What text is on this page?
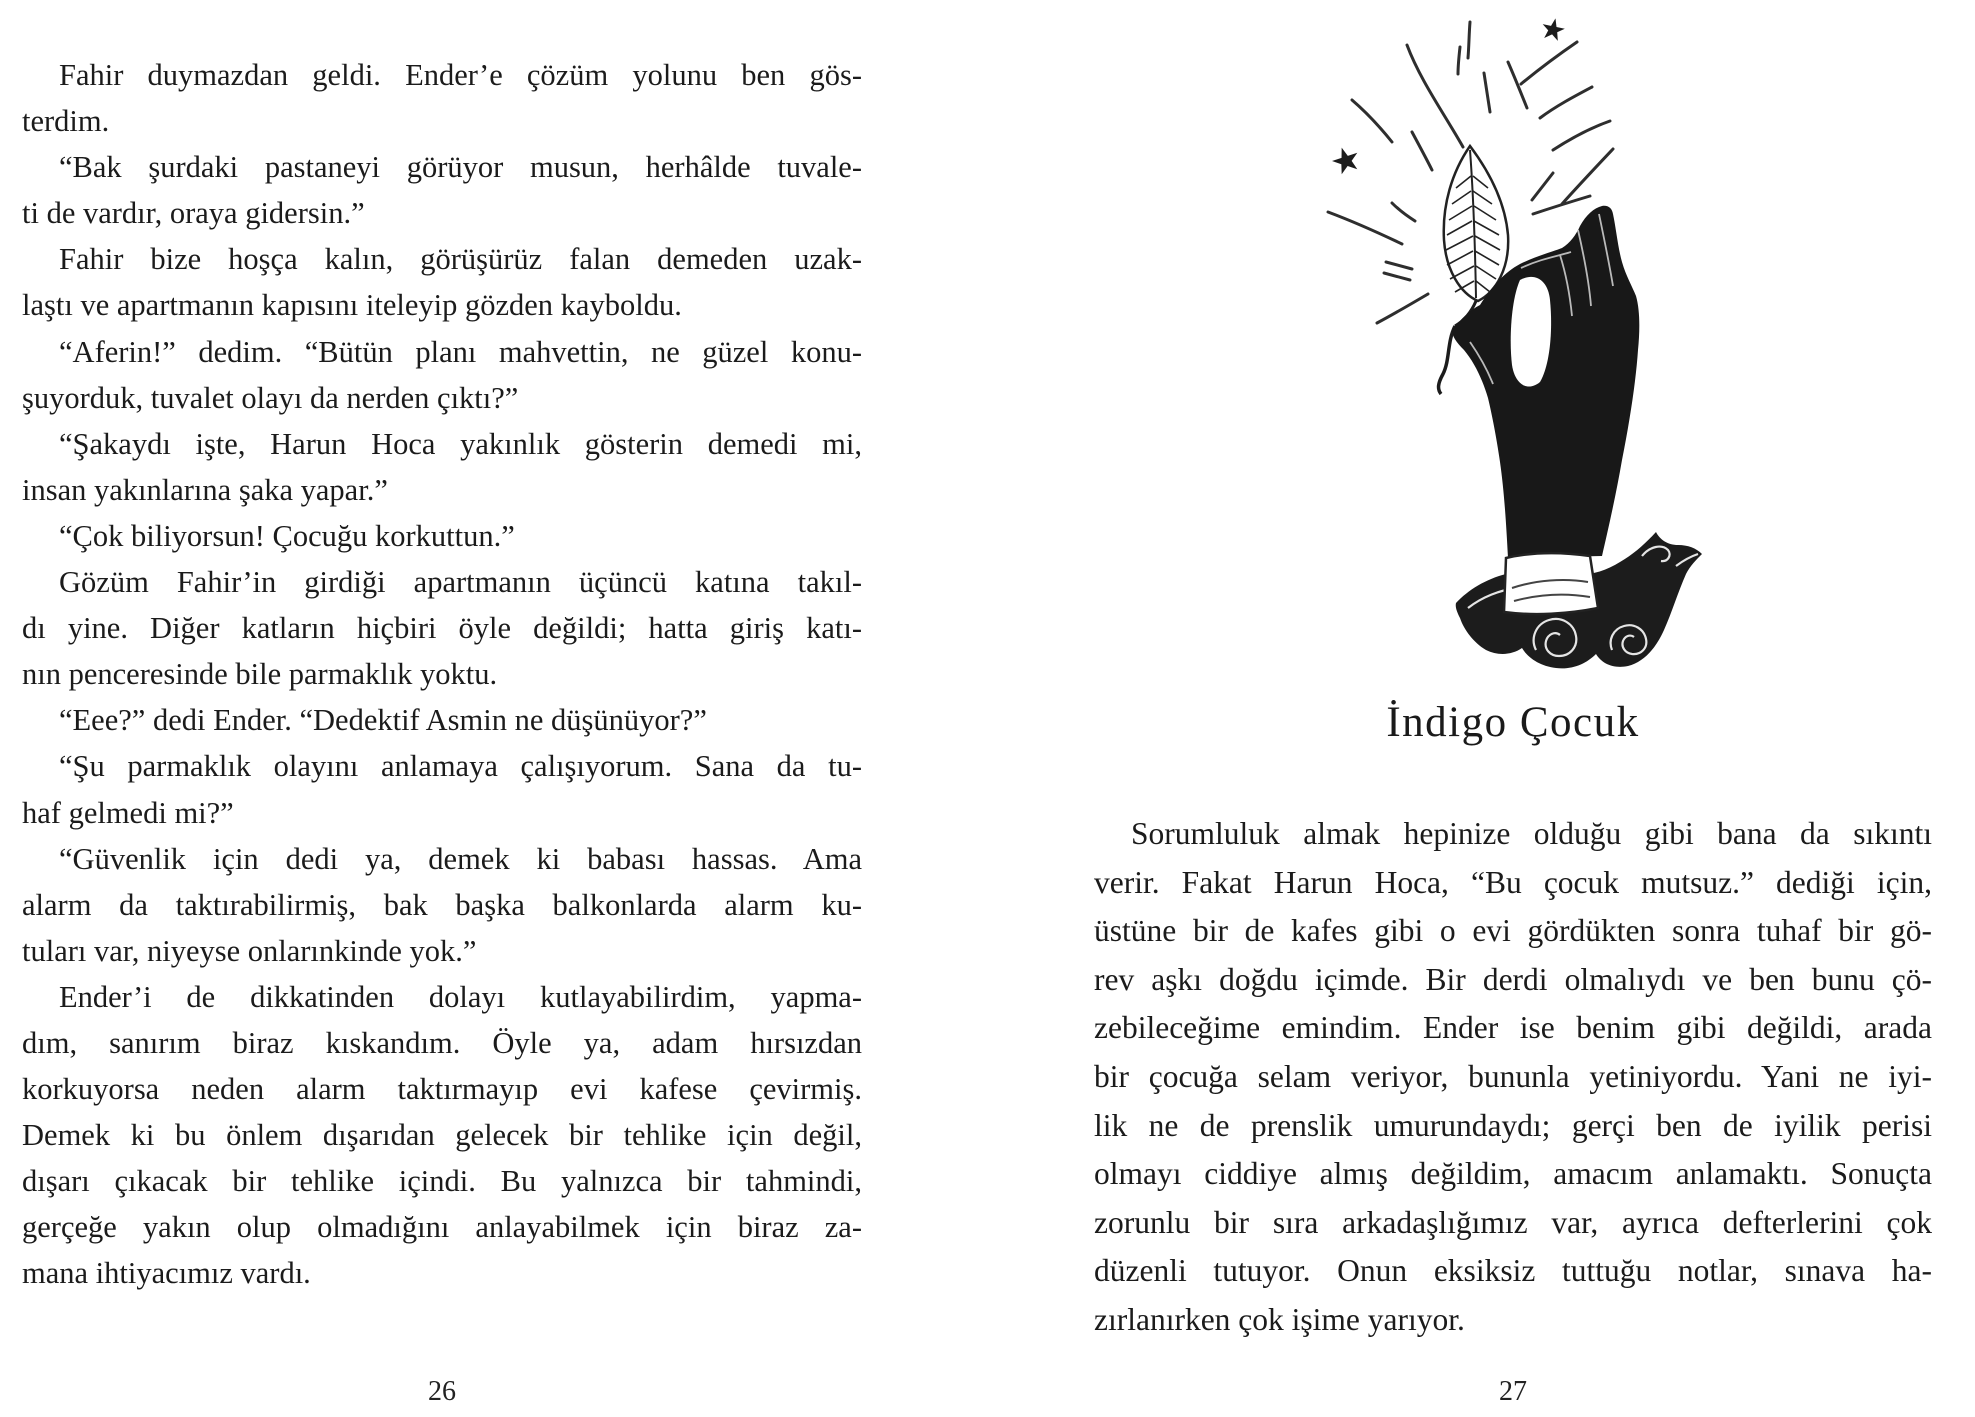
Fahir duymazdan geldi. Ender’e çözüm yolunu ben gös-
terdim.
“Bak şurdaki pastaneyi görüyor musun, herhâlde tuvale-
ti de vardır, oraya gidersin.”
Fahir bize hoşça kalın, görüşürüz falan demeden uzak-
laştı ve apartmanın kapısını iteleyip gözden kayboldu.
“Aferin!” dedim. “Bütün planı mahvettin, ne güzel konu-
şuyorduk, tuvalet olayı da nerden çıktı?”
“Şakaydı işte, Harun Hoca yakınlık gösterin demedi mi,
insan yakınlarına şaka yapar.”
“Çok biliyorsun! Çocuğu korkuttun.”
Gözüm Fahir’in girdiği apartmanın üçüncü katına takıl-
dı yine. Diğer katların hiçbiri öyle değildi; hatta giriş katı-
nın penceresinde bile parmaklık yoktu.
“Eee?” dedi Ender. “Dedektif Asmin ne düşünüyor?”
“Şu parmaklık olayını anlamaya çalışıyorum. Sana da tu-
haf gelmedi mi?”
“Güvenlik için dedi ya, demek ki babası hassas. Ama
alarm da taktırabilirmiş, bak başka balkonlarda alarm ku-
tuları var, niyeyse onlarınkinde yok.”
Ender’i de dikkatinden dolayı kutlayabilirdim, yapma-
dım, sanırım biraz kıskandım. Öyle ya, adam hırsızdan
korkuyorsa neden alarm taktırmayıp evi kafese çevirmiş.
Demek ki bu önlem dışarıdan gelecek bir tehlike için değil,
dışarı çıkacak bir tehlike içindi. Bu yalnızca bir tahmindi,
gerçeğe yakın olup olmadığını anlayabilmek için biraz za-
mana ihtiyacımız vardı.
İndigo Çocuk
Sorumluluk almak hepinize olduğu gibi bana da sıkıntı
verir. Fakat Harun Hoca, “Bu çocuk mutsuz.” dediği için,
üstüne bir de kafes gibi o evi gördükten sonra tuhaf bir gö-
rev aşkı doğdu içimde. Bir derdi olmalıydı ve ben bunu çö-
zebileceğime emindim. Ender ise benim gibi değildi, arada
bir çocuğa selam veriyor, bununla yetiniyordu. Yani ne iyi-
lik ne de prenslik umurundaydı; gerçi ben de iyilik perisi
olmayı ciddiye almış değildim, amacım anlamaktı. Sonuçta
zorunlu bir sıra arkadaşlığımız var, ayrıca defterlerini çok
düzenli tutuyor. Onun eksiksiz tuttuğu notlar, sınava ha-
zırlanırken çok işime yarıyor.
26	27
